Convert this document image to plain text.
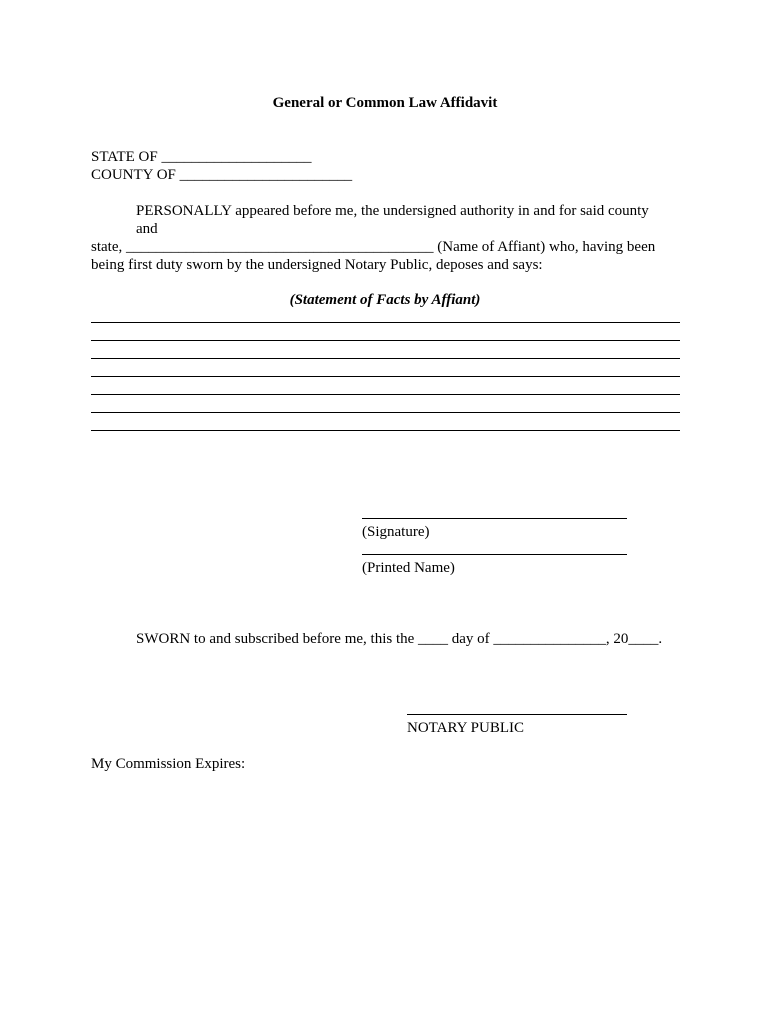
General or Common Law Affidavit
STATE OF ____________________
COUNTY OF _______________________
PERSONALLY appeared before me, the undersigned authority in and for said county
and
state, _________________________________________ (Name of Affiant) who, having been
being first duty sworn by the undersigned Notary Public, deposes and says:
(Statement of Facts by Affiant)
(Signature)
(Printed Name)
SWORN to and subscribed before me, this the ____ day of _______________, 20____.
NOTARY PUBLIC
My Commission Expires:
